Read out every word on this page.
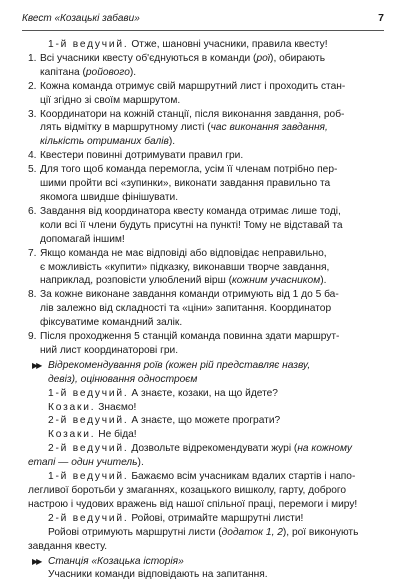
Квест «Козацькі забави»	7
1-й ведучий. Отже, шановні учасники, правила квесту!
1. Всі учасники квесту об'єднуються в команди (рої), обирають
капітана (ройового).
2. Кожна команда отримує свій маршрутний лист і проходить стан-
ції згідно зі своїм маршрутом.
3. Координатори на кожній станції, після виконання завдання, роб-
лять відмітку в маршрутному листі (час виконання завдання,
кількість отриманих балів).
4. Квестери повинні дотримувати правил гри.
5. Для того щоб команда перемогла, усім її членам потрібно пер-
шими пройти всі «зупинки», виконати завдання правильно та
якомога швидше фінішувати.
6. Завдання від координатора квесту команда отримає лише тоді,
коли всі її члени будуть присутні на пункті! Тому не відставай та
допомагай іншим!
7. Якщо команда не має відповіді або відповідає неправильно,
є можливість «купити» підказку, виконавши творче завдання,
наприклад, розповісти улюблений вірш (кожним учасником).
8. За кожне виконане завдання команди отримують від 1 до 5 ба-
лів залежно від складності та «ціни» запитання. Координатор
фіксуватиме командний залік.
9. Після проходження 5 станцій команда повинна здати маршрут-
ний лист координаторові гри.
▶▶ Відрекомендування роїв (кожен рій представляє назву,
девіз), оцінювання одностроєм
1-й ведучий. А знаєте, козаки, на що йдете?
Козаки. Знаємо!
2-й ведучий. А знаєте, що можете програти?
Козаки. Не біда!
2-й ведучий. Дозвольте відрекомендувати журі (на кожному
етапі — один учитель).
1-й ведучий. Бажаємо всім учасникам вдалих стартів і напо-
легливої боротьби у змаганнях, козацького вишколу, гарту, доброго
настрою і чудових вражень від нашої спільної праці, перемоги і миру!
2-й ведучий. Ройові, отримайте маршрутні листи!
Ройові отримують маршрутні листи (додаток 1, 2), рої виконують
завдання квесту.
▶▶ Станція «Козацька історія»
Учасники команди відповідають на запитання.
